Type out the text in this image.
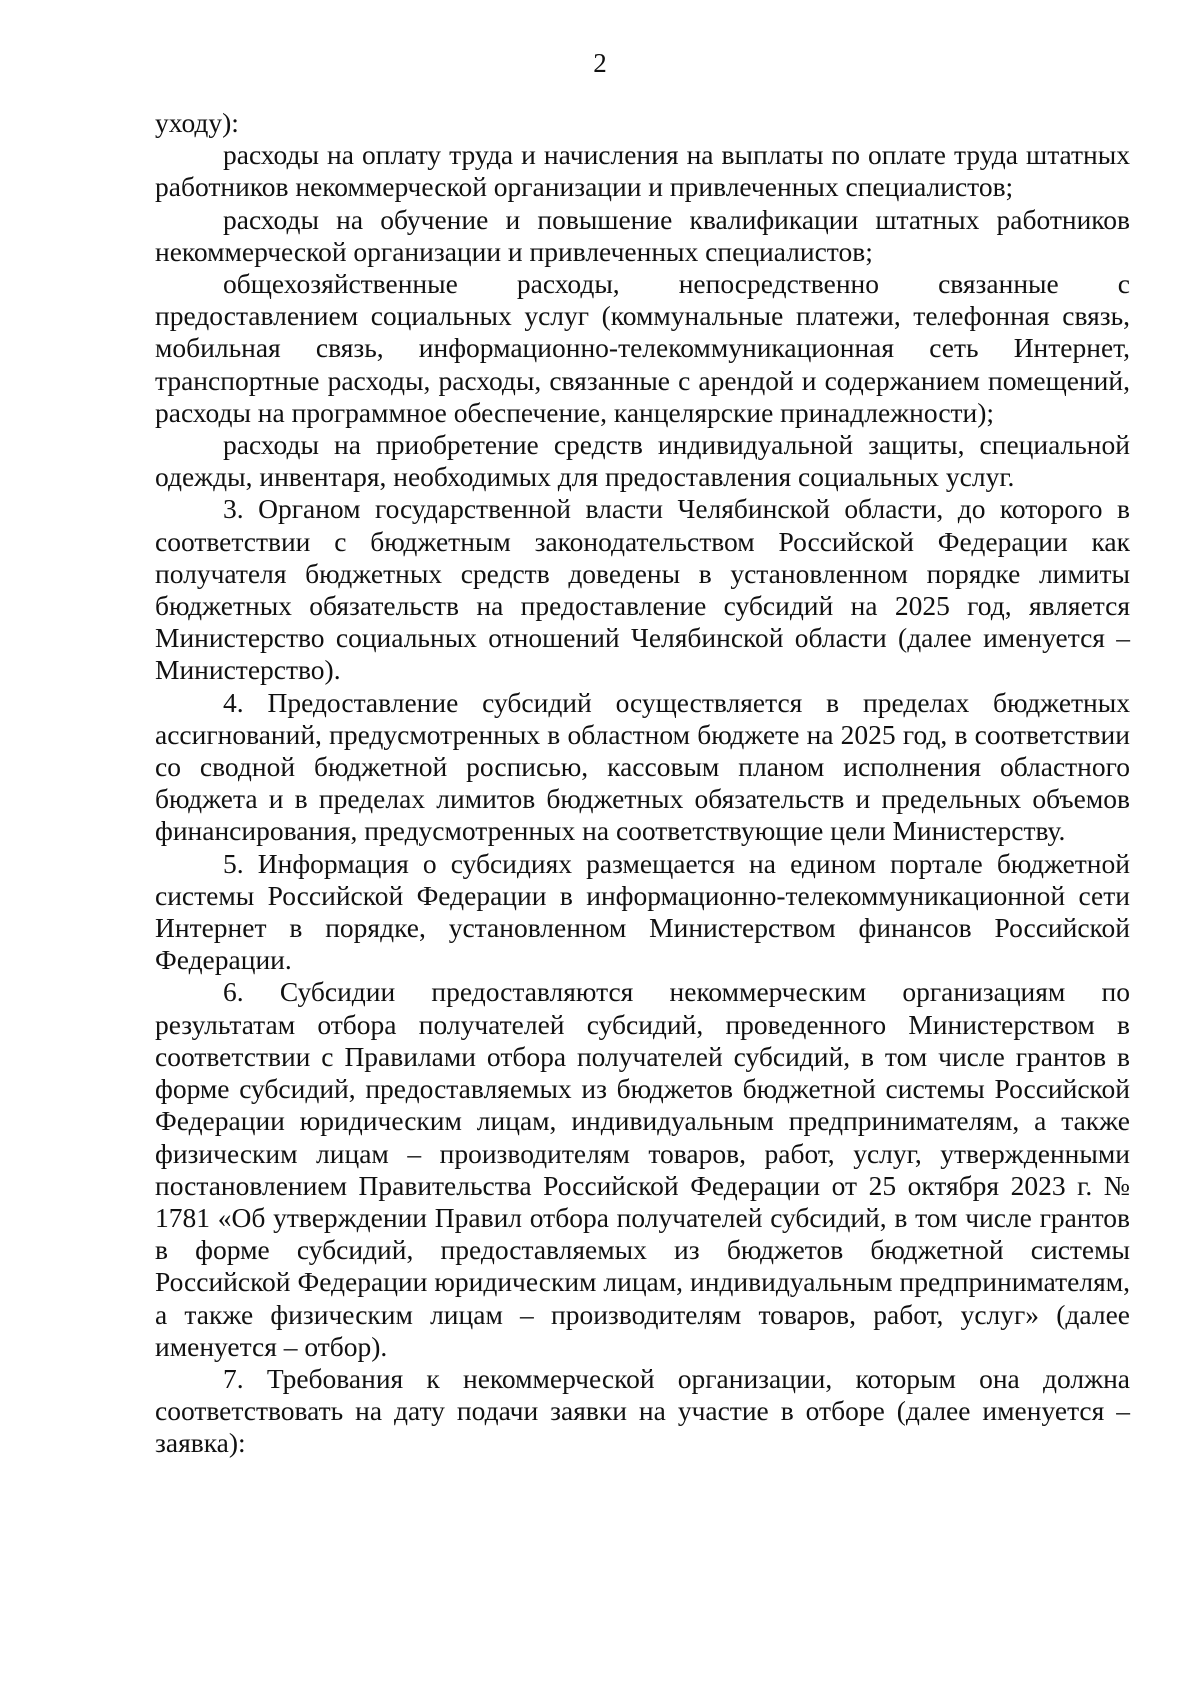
2

уходу):

расходы на оплату труда и начисления на выплаты по оплате труда штатных работников некоммерческой организации и привлеченных специалистов;

расходы на обучение и повышение квалификации штатных работников некоммерческой организации и привлеченных специалистов;

общехозяйственные расходы, непосредственно связанные с предоставлением социальных услуг (коммунальные платежи, телефонная связь, мобильная связь, информационно-телекоммуникационная сеть Интернет, транспортные расходы, расходы, связанные с арендой и содержанием помещений, расходы на программное обеспечение, канцелярские принадлежности);

расходы на приобретение средств индивидуальной защиты, специальной одежды, инвентаря, необходимых для предоставления социальных услуг.

3. Органом государственной власти Челябинской области, до которого в соответствии с бюджетным законодательством Российской Федерации как получателя бюджетных средств доведены в установленном порядке лимиты бюджетных обязательств на предоставление субсидий на 2025 год, является Министерство социальных отношений Челябинской области (далее именуется – Министерство).

4. Предоставление субсидий осуществляется в пределах бюджетных ассигнований, предусмотренных в областном бюджете на 2025 год, в соответствии со сводной бюджетной росписью, кассовым планом исполнения областного бюджета и в пределах лимитов бюджетных обязательств и предельных объемов финансирования, предусмотренных на соответствующие цели Министерству.

5. Информация о субсидиях размещается на едином портале бюджетной системы Российской Федерации в информационно-телекоммуникационной сети Интернет в порядке, установленном Министерством финансов Российской Федерации.

6. Субсидии предоставляются некоммерческим организациям по результатам отбора получателей субсидий, проведенного Министерством в соответствии с Правилами отбора получателей субсидий, в том числе грантов в форме субсидий, предоставляемых из бюджетов бюджетной системы Российской Федерации юридическим лицам, индивидуальным предпринимателям, а также физическим лицам – производителям товаров, работ, услуг, утвержденными постановлением Правительства Российской Федерации от 25 октября 2023 г. № 1781 «Об утверждении Правил отбора получателей субсидий, в том числе грантов в форме субсидий, предоставляемых из бюджетов бюджетной системы Российской Федерации юридическим лицам, индивидуальным предпринимателям, а также физическим лицам – производителям товаров, работ, услуг» (далее именуется – отбор).

7. Требования к некоммерческой организации, которым она должна соответствовать на дату подачи заявки на участие в отборе (далее именуется – заявка):
